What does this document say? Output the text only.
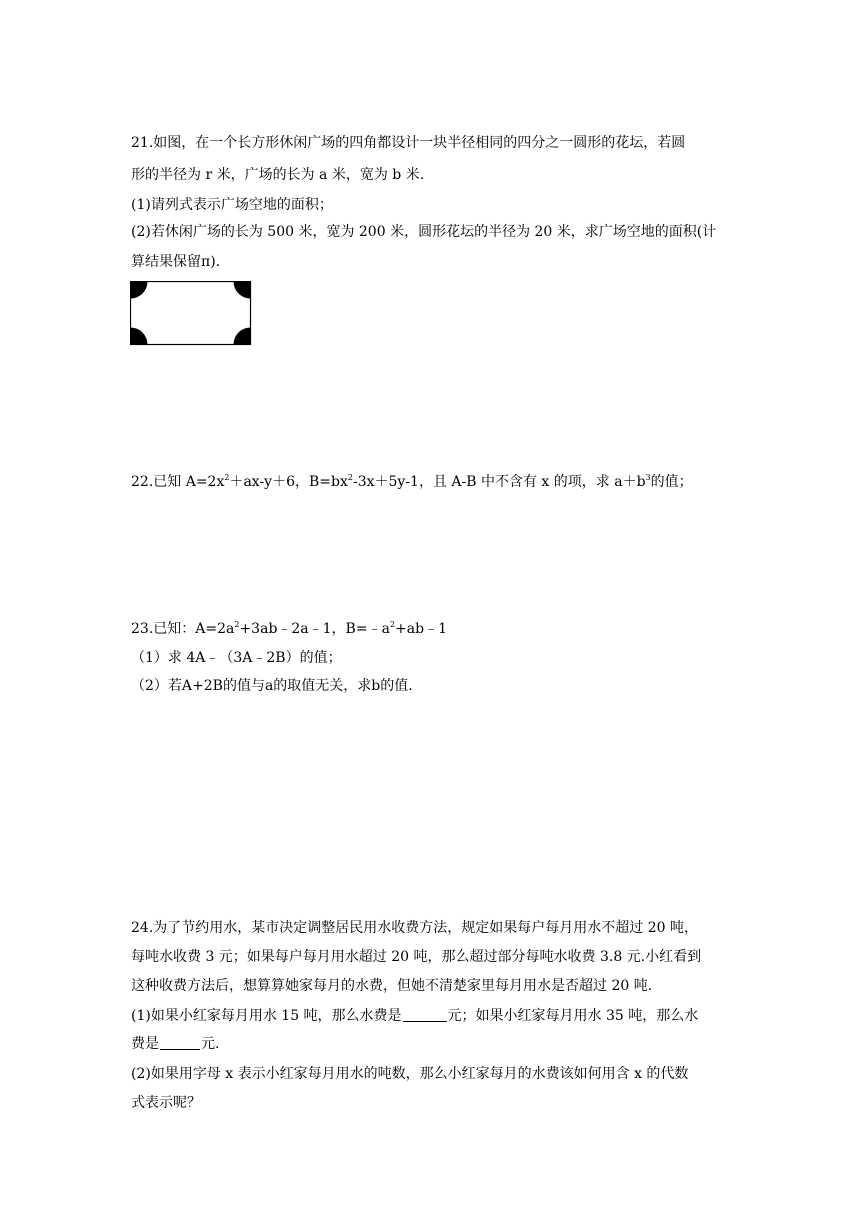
21.如图，在一个长方形休闲广场的四角都设计一块半径相同的四分之一圆形的花坛，若圆
形的半径为 r 米，广场的长为 a 米，宽为 b 米.
(1)请列式表示广场空地的面积；
(2)若休闲广场的长为 500 米，宽为 200 米，圆形花坛的半径为 20 米，求广场空地的面积(计
算结果保留π).
22.已知 $A=2x^2+ax-y+6$，$B=bx^2-3x+5y-1$，且 A-B 中不含有 x 的项，求 $a+b^3$的值；
23.已知：$A=2a^2+3ab﹣2a﹣1$，$B=﹣a^2+ab﹣1$
（1）求 4A﹣（3A﹣2B）的值；
（2）若A+2B的值与a的取值无关，求b的值.
24.为了节约用水，某市决定调整居民用水收费方法，规定如果每户每月用水不超过 20 吨，
每吨水收费 3 元；如果每户每月用水超过 20 吨，那么超过部分每吨水收费 3.8 元.小红看到
这种收费方法后，想算算她家每月的水费，但她不清楚家里每月用水是否超过 20 吨.
(1)如果小红家每月用水 15 吨，那么水费是	元；如果小红家每月用水 35 吨，那么水
费是	元.
(2)如果用字母 x 表示小红家每月用水的吨数，那么小红家每月的水费该如何用含 x 的代数
式表示呢？
